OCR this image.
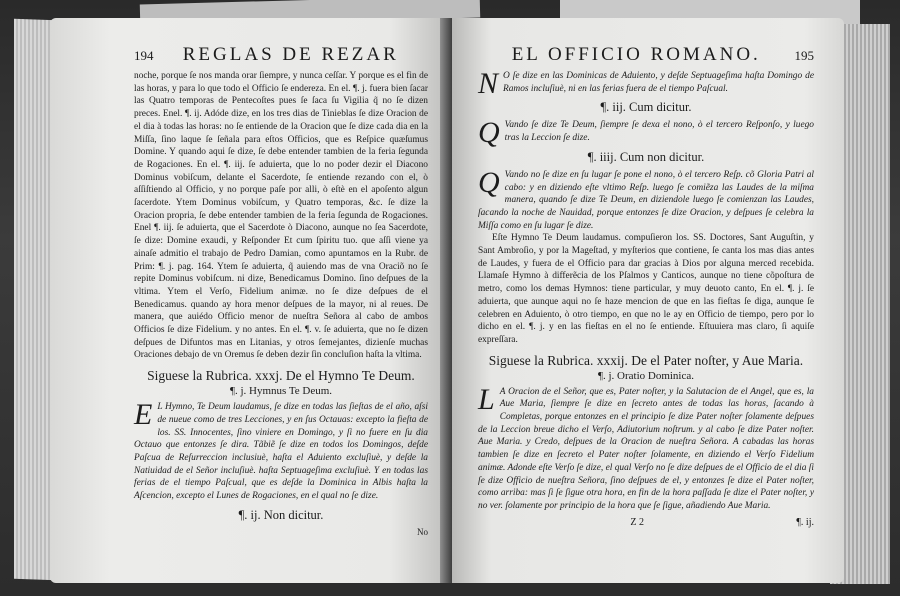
194 REGLAS DE REZAR

noche, porque ſe nos manda orar ſiempre, y nunca ceſſar. Y porque es el fin de las horas, y para lo que todo el Officio ſe endereza. En el. ¶. j. fuera bien ſacar las Quatro temporas de Pentecoſtes pues ſe ſaca ſu Vigilia q̃ no ſe dizen preces. Enel. ¶. ij. Adóde dize, en los tres dias de Tinieblas ſe dize Oracion de el dia à todas las horas: no ſe entiende de la Oracion que ſe dize cada dia en la Miſſa, ſino laque ſe ſeñala para eſtos Officios, que es Reſpice quæſumus Domine. Y quando aqui ſe dize, ſe debe entender tambien de la feria ſegunda de Rogaciones. En el. ¶. iij. ſe aduierta, que lo no poder dezir el Diacono Dominus vobiſcum, delante el Sacerdote, ſe entiende rezando con el, ò aſſiſtiendo al Officio, y no porque paſe por alli, ò eſtè en el apoſento algun ſacerdote. Ytem Dominus vobiſcum, y Quatro temporas, &c. ſe dize la Oracion propria, ſe debe entender tambien de la feria ſegunda de Rogaciones. Enel ¶. iij. ſe aduierta, que el Sacerdote ò Diacono, aunque no ſea Sacerdote, ſe dize: Domine exaudi, y Reſponder Et cum ſpiritu tuo. que aſſi viene ya ainaſe admitio el trabajo de Pedro Damian, como apuntamos en la Rubr. de Prim: ¶. j. pag. 164. Ytem ſe aduierta, q̃ auiendo mas de vna Oraciõ no ſe repite Dominus vobiſcum. ni dize, Benedicamus Domino. ſino deſpues de la vltima. Ytem el Verſo, Fidelium animæ. no ſe dize deſpues de el Benedicamus. quando ay hora menor deſpues de la mayor, ni al reues. De manera, que auiédo Officio menor de nueſtra Señora al cabo de ambos Officios ſe dize Fidelium. y no antes. En el. ¶. v. ſe aduierta, que no ſe dizen deſpues de Difuntos mas en Litanias, y otros ſemejantes, dizienſe muchas Oraciones debajo de vn Oremus ſe deben dezir ſin concluſion haſta la vltima.

Siguese la Rubrica. xxxj. De el Hymno Te Deum.
¶. j. Hymnus Te Deum.

E L Hymno, Te Deum laudamus, ſe dize en todas las ſieſtas de el año, aſsi de nueue como de tres Lecciones, y en ſus Octauas: excepto la fieſta de los. SS. Innocentes, ſino viniere en Domingo, y ſi no fuere en ſu dia Octauo que entonzes ſe dira. Tãbiẽ ſe dize en todos los Domingos, deſde Paſcua de Reſurreccion inclusiuè, haſta el Aduiento excluſiuè, y deſde la Natiuidad de el Señor incluſiuè. haſta Septuageſima excluſiuè. Y en todas las ferias de el tiempo Paſcual, que es deſde la Dominica in Albis haſta la Aſcencion, excepto el Lunes de Rogaciones, en el qual no ſe dize.

¶. ij. Non dicitur.
No
EL OFFICIO ROMANO.	195

N O ſe dize en las Dominicas de Aduiento, y deſde Septuageſima haſta Domingo de Ramos incluſiuè, ni en las ferias fuera de el tiempo Paſcual.

¶. iij. Cum dicitur.

Q Vando ſe dize Te Deum, ſiempre ſe dexa el nono, ò el tercero Reſponſo, y luego tras la Leccion ſe dize.

¶. iiij. Cum non dicitur.

Q Vando no ſe dize en ſu lugar ſe pone el nono, ò el tercero Reſp. cõ Gloria Patri al cabo: y en diziendo eſte vltimo Reſp. luego ſe comiẽza las Laudes de la miſma manera, quando ſe dize Te Deum, en diziendole luego ſe comienzan las Laudes, ſacando la noche de Nauidad, porque entonzes ſe dize Oracion, y deſpues ſe celebra la Miſſa como en ſu lugar ſe dize.

Eſte Hymno Te Deum laudamus. compuſieron los. SS. Doctores, Sant Auguſtin, y Sant Ambroſio, y por la Mageſtad, y myſterios que contiene, ſe canta los mas dias antes de Laudes, y fuera de el Officio para dar gracias à Dios por alguna merced recebida. Llamaſe Hymno à differẽcia de los Pſalmos y Canticos, aunque no tiene cõpoſtura de metro, como los demas Hymnos: tiene particular, y muy deuoto canto, En el. ¶. j. ſe aduierta, que aunque aqui no ſe haze mencion de que en las fieſtas ſe diga, aunque ſe celebren en Aduiento, ò otro tiempo, en que no le ay en Officio de tiempo, pero por lo dicho en el. ¶. j. y en las fieſtas en el no ſe entiende. Eſtuuiera mas claro, ſi aquiſe expreſſara.

Siguese la Rubrica. xxxij. De el Pater noſter, y Aue Maria.
¶. j. Oratio Dominica.

L A Oracion de el Señor, que es, Pater noſter, y la Salutacion de el Angel, que es, la Aue Maria, ſiempre ſe dize en ſecreto antes de todas las horas, ſacando à Completas, porque entonzes en el principio ſe dize Pater noſter ſolamente deſpues de la Leccion breue dicho el Verſo, Adiutorium noſtrum. y al cabo ſe dize Pater noſter. Aue Maria. y Credo, deſpues de la Oracion de nueſtra Señora. A cabadas las horas tambien ſe dize en ſecreto el Pater noſter ſolamente, en diziendo el Verſo Fidelium animæ. Adonde eſte Verſo ſe dize, el qual Verſo no ſe dize deſpues de el Officio de el dia ſi ſe dize Officio de nueſtra Señora, ſino deſpues de el, y entonzes ſe dize el Pater noſter, como arriba: mas ſi ſe ſigue otra hora, en fin de la hora paſſada ſe dize el Pater noſter, y no ver. ſolamente por principio de la hora que ſe ſigue, añadiendo Aue Maria.

Z 2	¶. ij.
